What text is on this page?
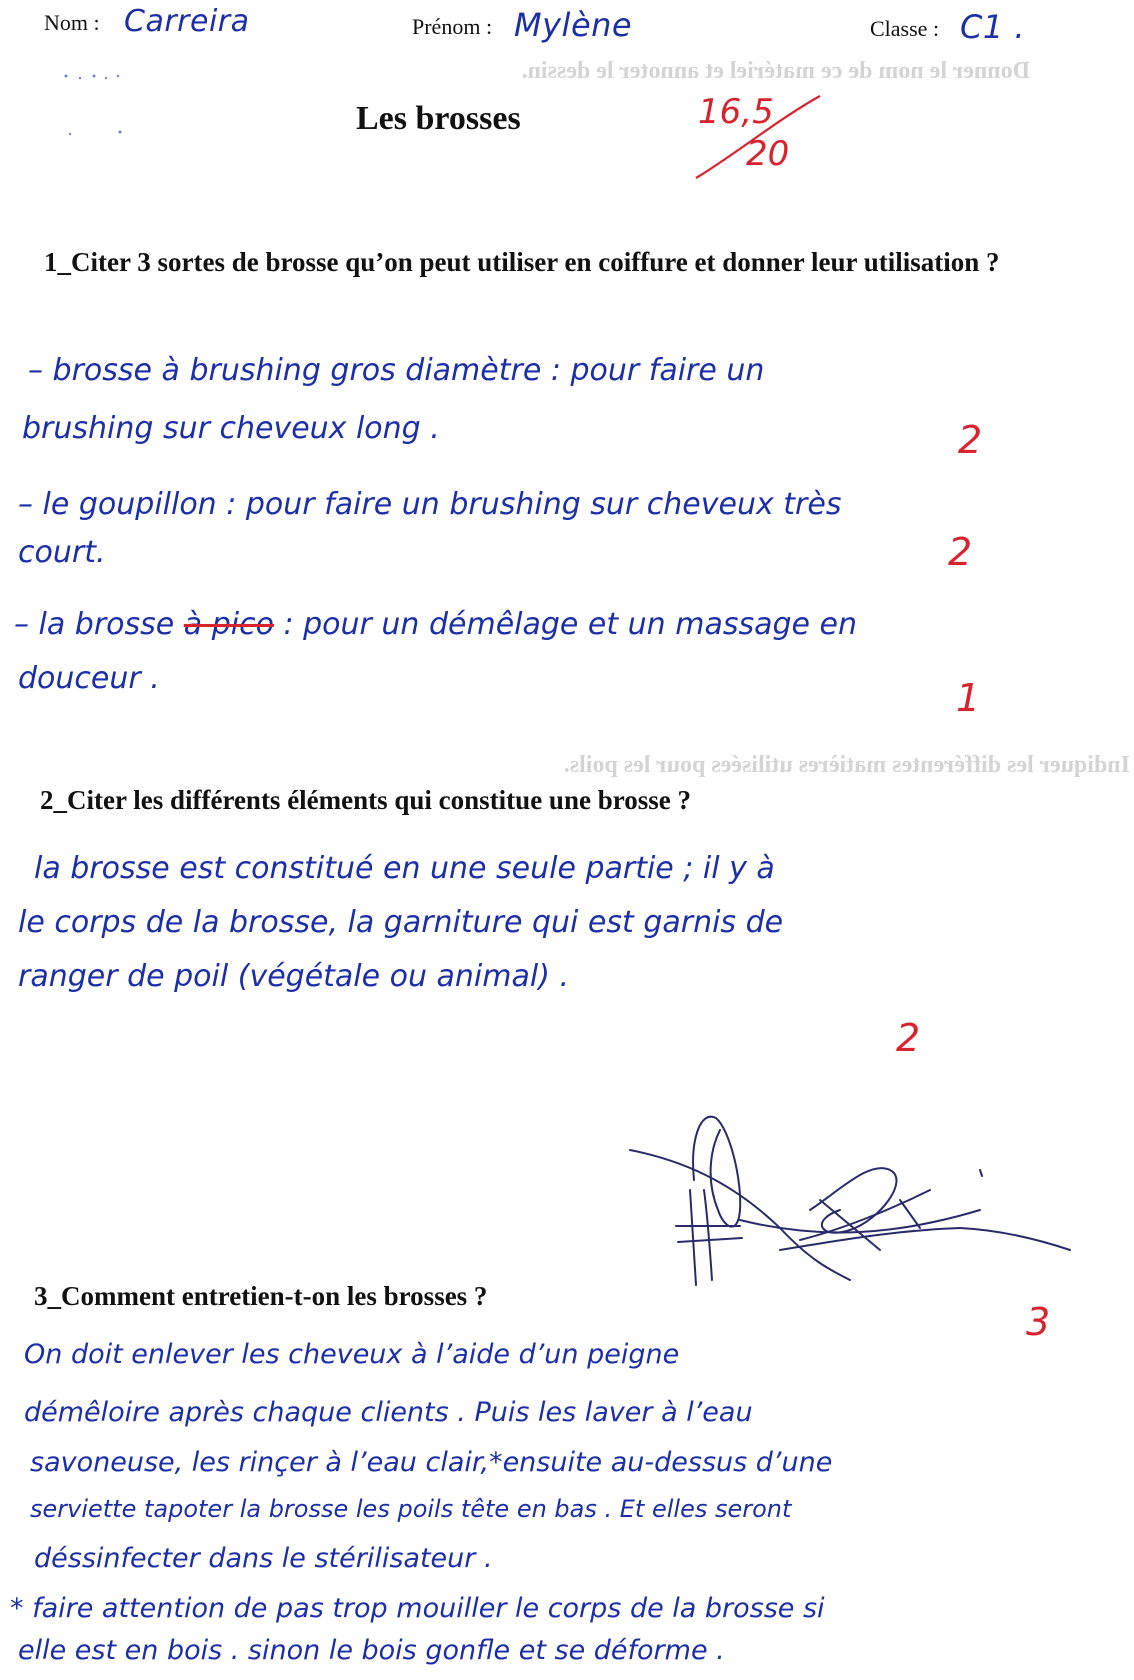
Donner le nom de ce matériel et annoter le dessin.
Indiquer les différentes matières utilisées pour les poils.
Nom : Carreira	Prénom : Mylène	Classe : C1 .
Les brosses	16,5
20
1_Citer 3 sortes de brosse qu’on peut utiliser en coiffure et donner leur utilisation ?
– brosse à brushing gros diamètre : pour faire un
brushing sur cheveux long .	2
– le goupillon : pour faire un brushing sur cheveux très
court.	2
– la brosse à pico : pour un démêlage et un massage en
douceur .	1
2_Citer les différents éléments qui constitue une brosse ?
la brosse est constitué en une seule partie ; il y à
le corps de la brosse, la garniture qui est garnis de
ranger de poil (végétale ou animal) .
2
3_Comment entretien-t-on les brosses ?
3
On doit enlever les cheveux à l’aide d’un peigne
démêloire après chaque clients . Puis les laver à l’eau
savoneuse, les rinçer à l’eau clair,*ensuite au-dessus d’une
serviette tapoter la brosse les poils tête en bas . Et elles seront
déssinfecter dans le stérilisateur .
* faire attention de pas trop mouiller le corps de la brosse si
elle est en bois . sinon le bois gonfle et se déforme .
